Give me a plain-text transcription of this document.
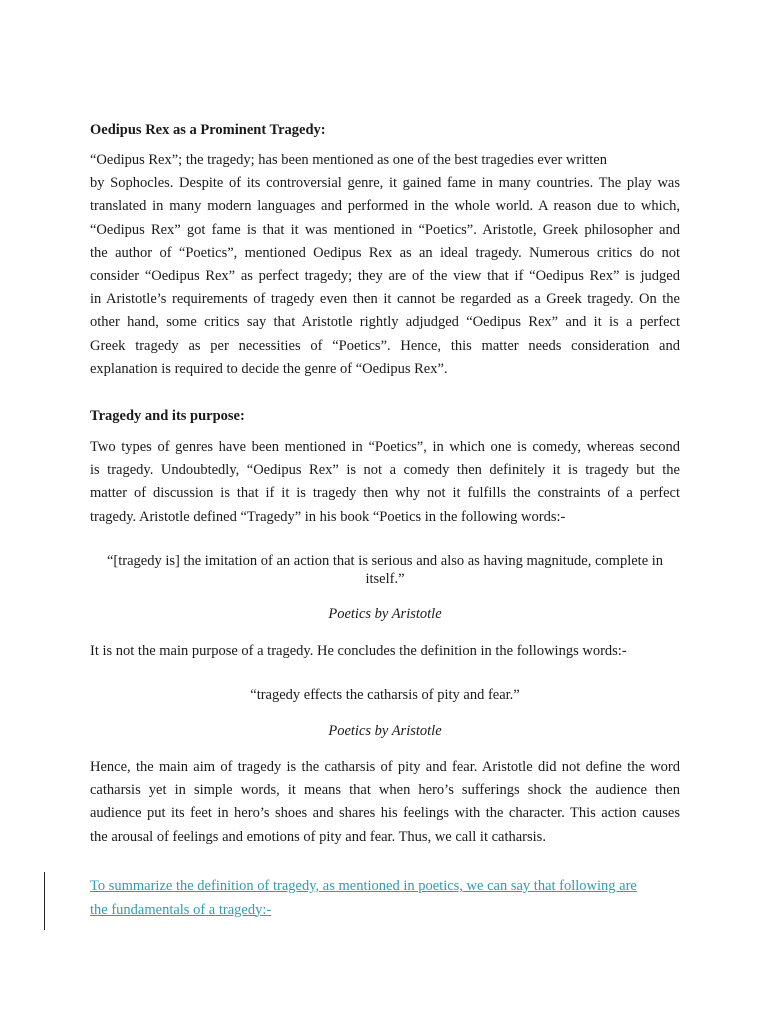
Oedipus Rex as a Prominent Tragedy:
“Oedipus Rex”; the tragedy; has been mentioned as one of the best tragedies ever written
by Sophocles. Despite of its controversial genre, it gained fame in many countries. The play was
translated in many modern languages and performed in the whole world. A reason due to which,
“Oedipus Rex” got fame is that it was mentioned in “Poetics”. Aristotle, Greek philosopher and
the author of “Poetics”, mentioned Oedipus Rex as an ideal tragedy. Numerous critics do not
consider “Oedipus Rex” as perfect tragedy; they are of the view that if “Oedipus Rex” is judged
in Aristotle’s requirements of tragedy even then it cannot be regarded as a Greek tragedy. On the
other hand, some critics say that Aristotle rightly adjudged “Oedipus Rex” and it is a perfect
Greek tragedy as per necessities of “Poetics”. Hence, this matter needs consideration and
explanation is required to decide the genre of “Oedipus Rex”.
Tragedy and its purpose:
Two types of genres have been mentioned in “Poetics”, in which one is comedy, whereas second
is tragedy. Undoubtedly, “Oedipus Rex” is not a comedy then definitely it is tragedy but the
matter of discussion is that if it is tragedy then why not it fulfills the constraints of a perfect
tragedy. Aristotle defined “Tragedy” in his book “Poetics in the following words:-
“[tragedy is] the imitation of an action that is serious and also as having magnitude, complete in
itself.”
Poetics by Aristotle
It is not the main purpose of a tragedy. He concludes the definition in the followings words:-
“tragedy effects the catharsis of pity and fear.”
Poetics by Aristotle
Hence, the main aim of tragedy is the catharsis of pity and fear. Aristotle did not define the word
catharsis yet in simple words, it means that when hero’s sufferings shock the audience then
audience put its feet in hero’s shoes and shares his feelings with the character. This action causes
the arousal of feelings and emotions of pity and fear. Thus, we call it catharsis.
To summarize the definition of tragedy, as mentioned in poetics, we can say that following are
the fundamentals of a tragedy:-
